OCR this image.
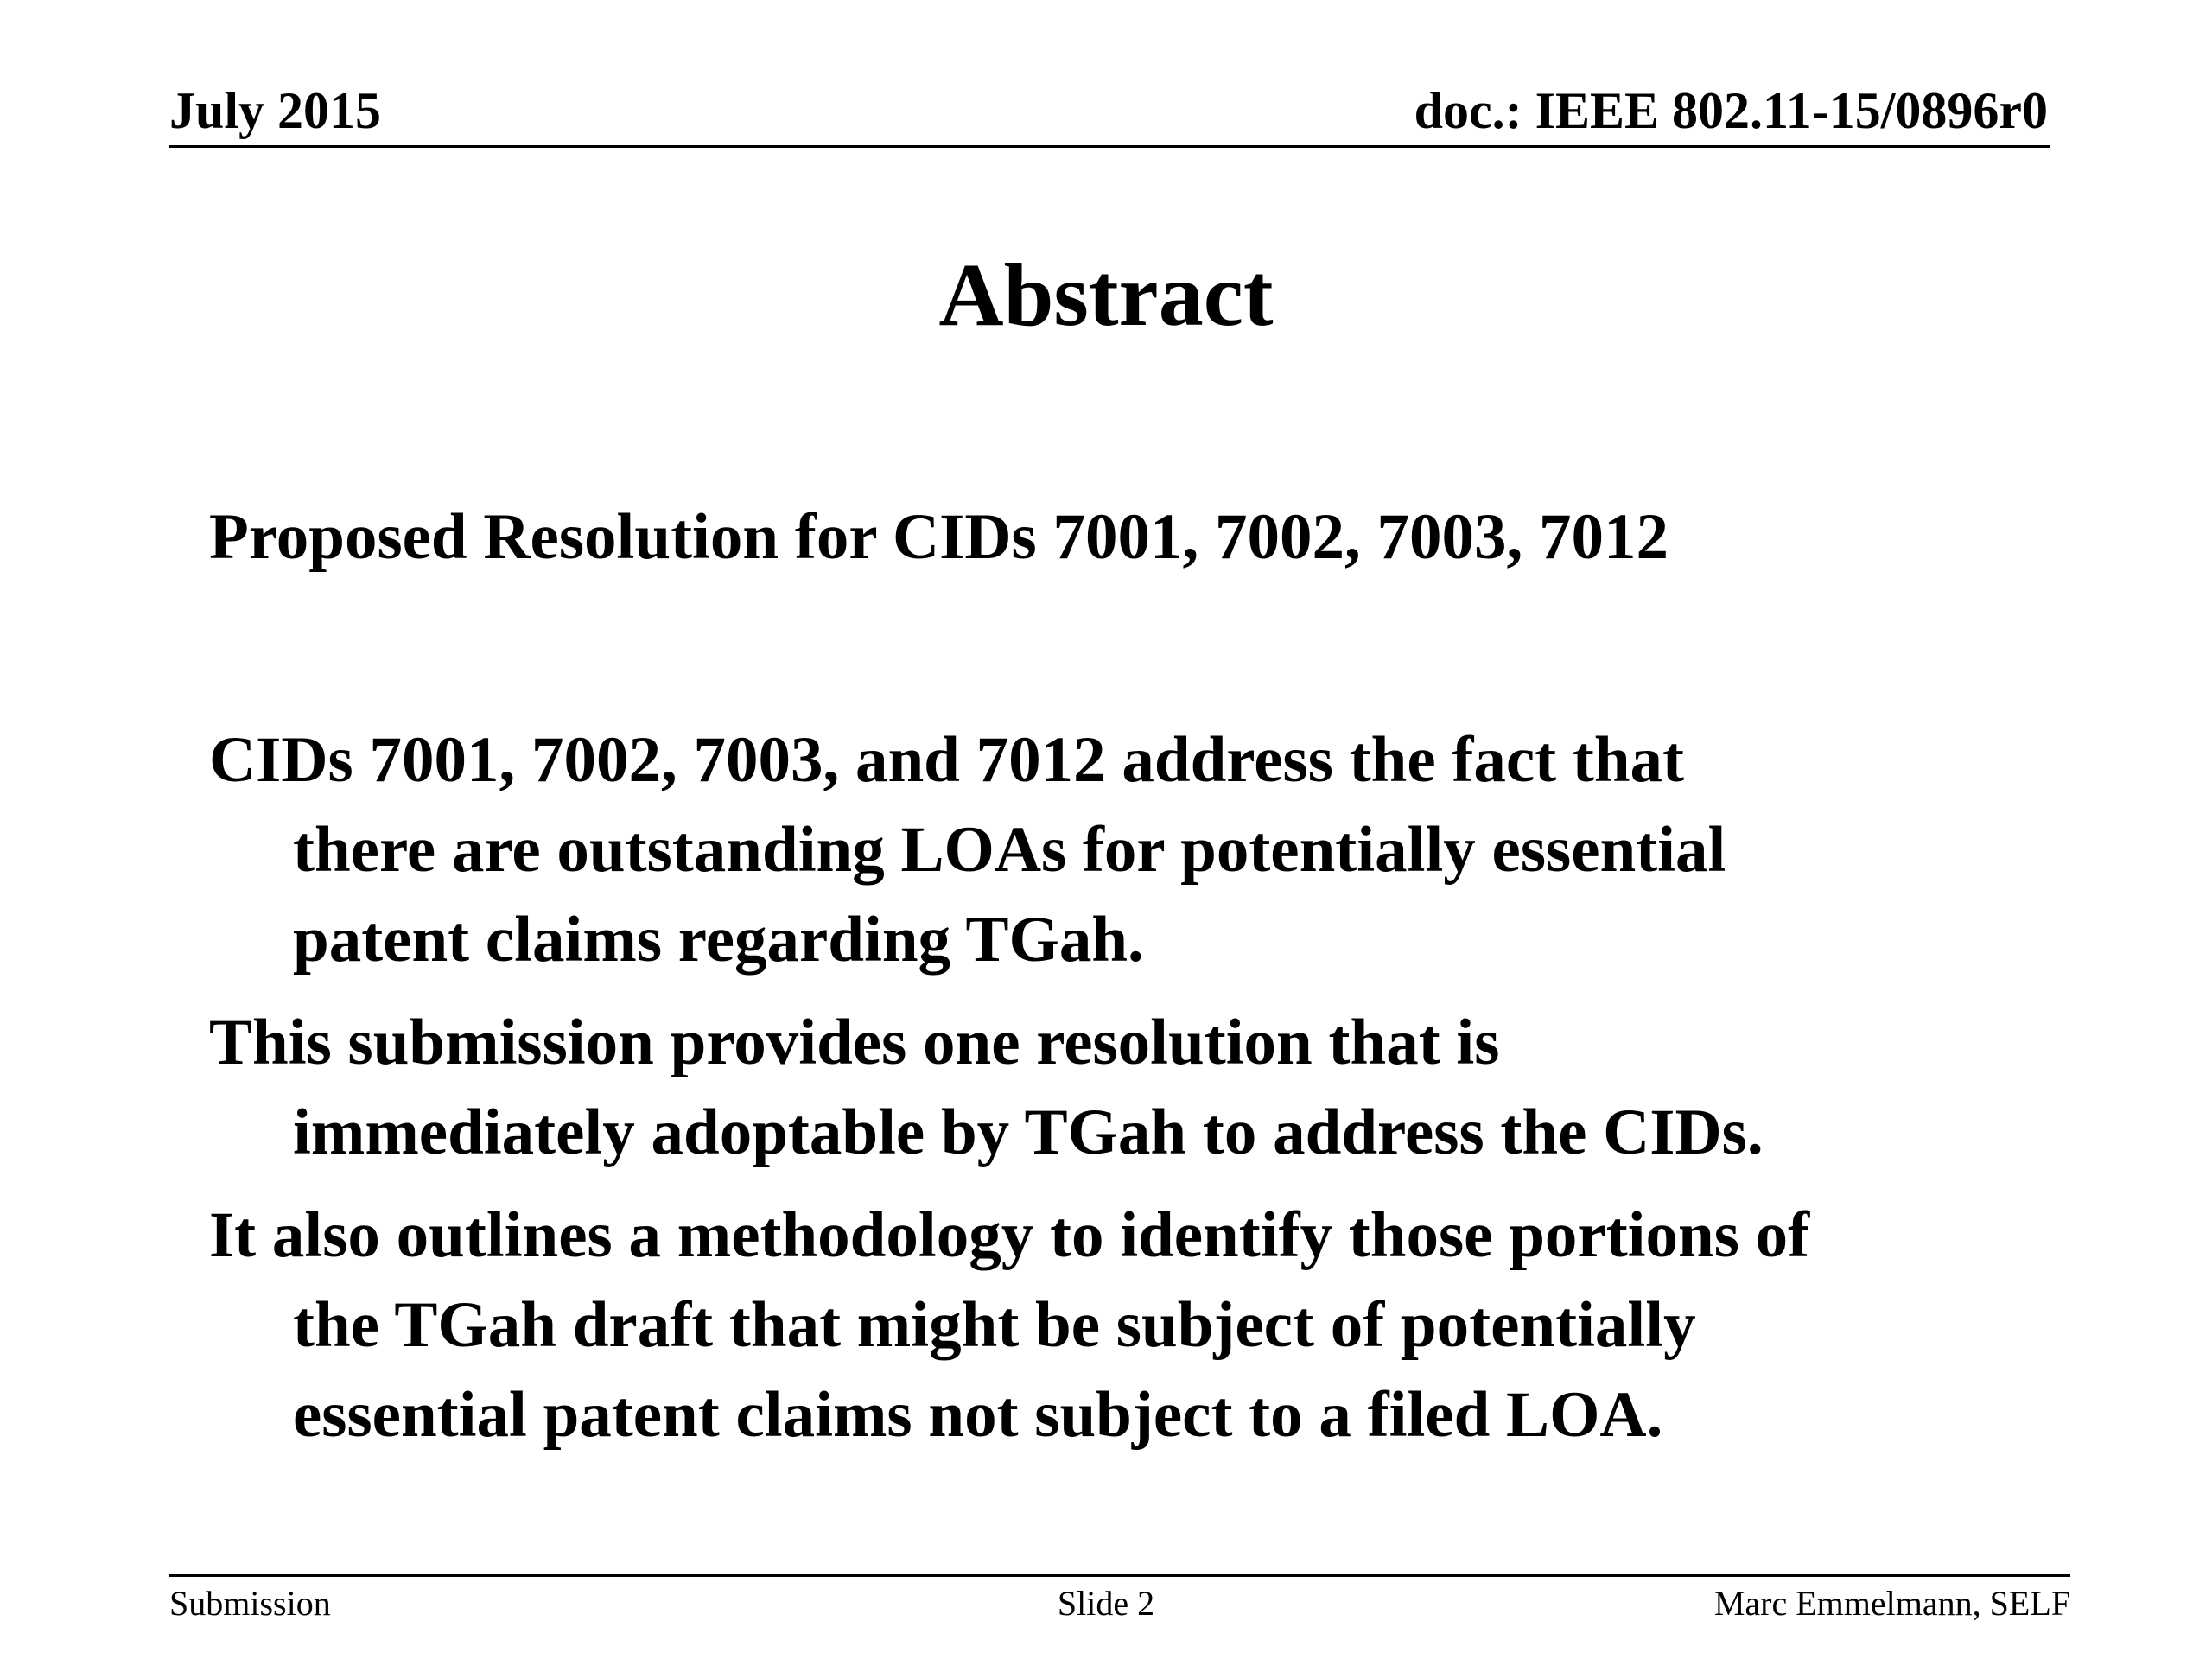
July 2015	doc.: IEEE 802.11-15/0896r0
Abstract
Proposed Resolution for CIDs 7001, 7002, 7003, 7012
CIDs 7001, 7002, 7003, and 7012 address the fact that
there are outstanding LOAs for potentially essential
patent claims regarding TGah.
This submission provides one resolution that is
immediately adoptable by TGah to address the CIDs.
It also outlines a methodology to identify those portions of
the TGah draft that might be subject of potentially
essential patent claims not subject to a filed LOA.
Submission	Slide 2	Marc Emmelmann, SELF
